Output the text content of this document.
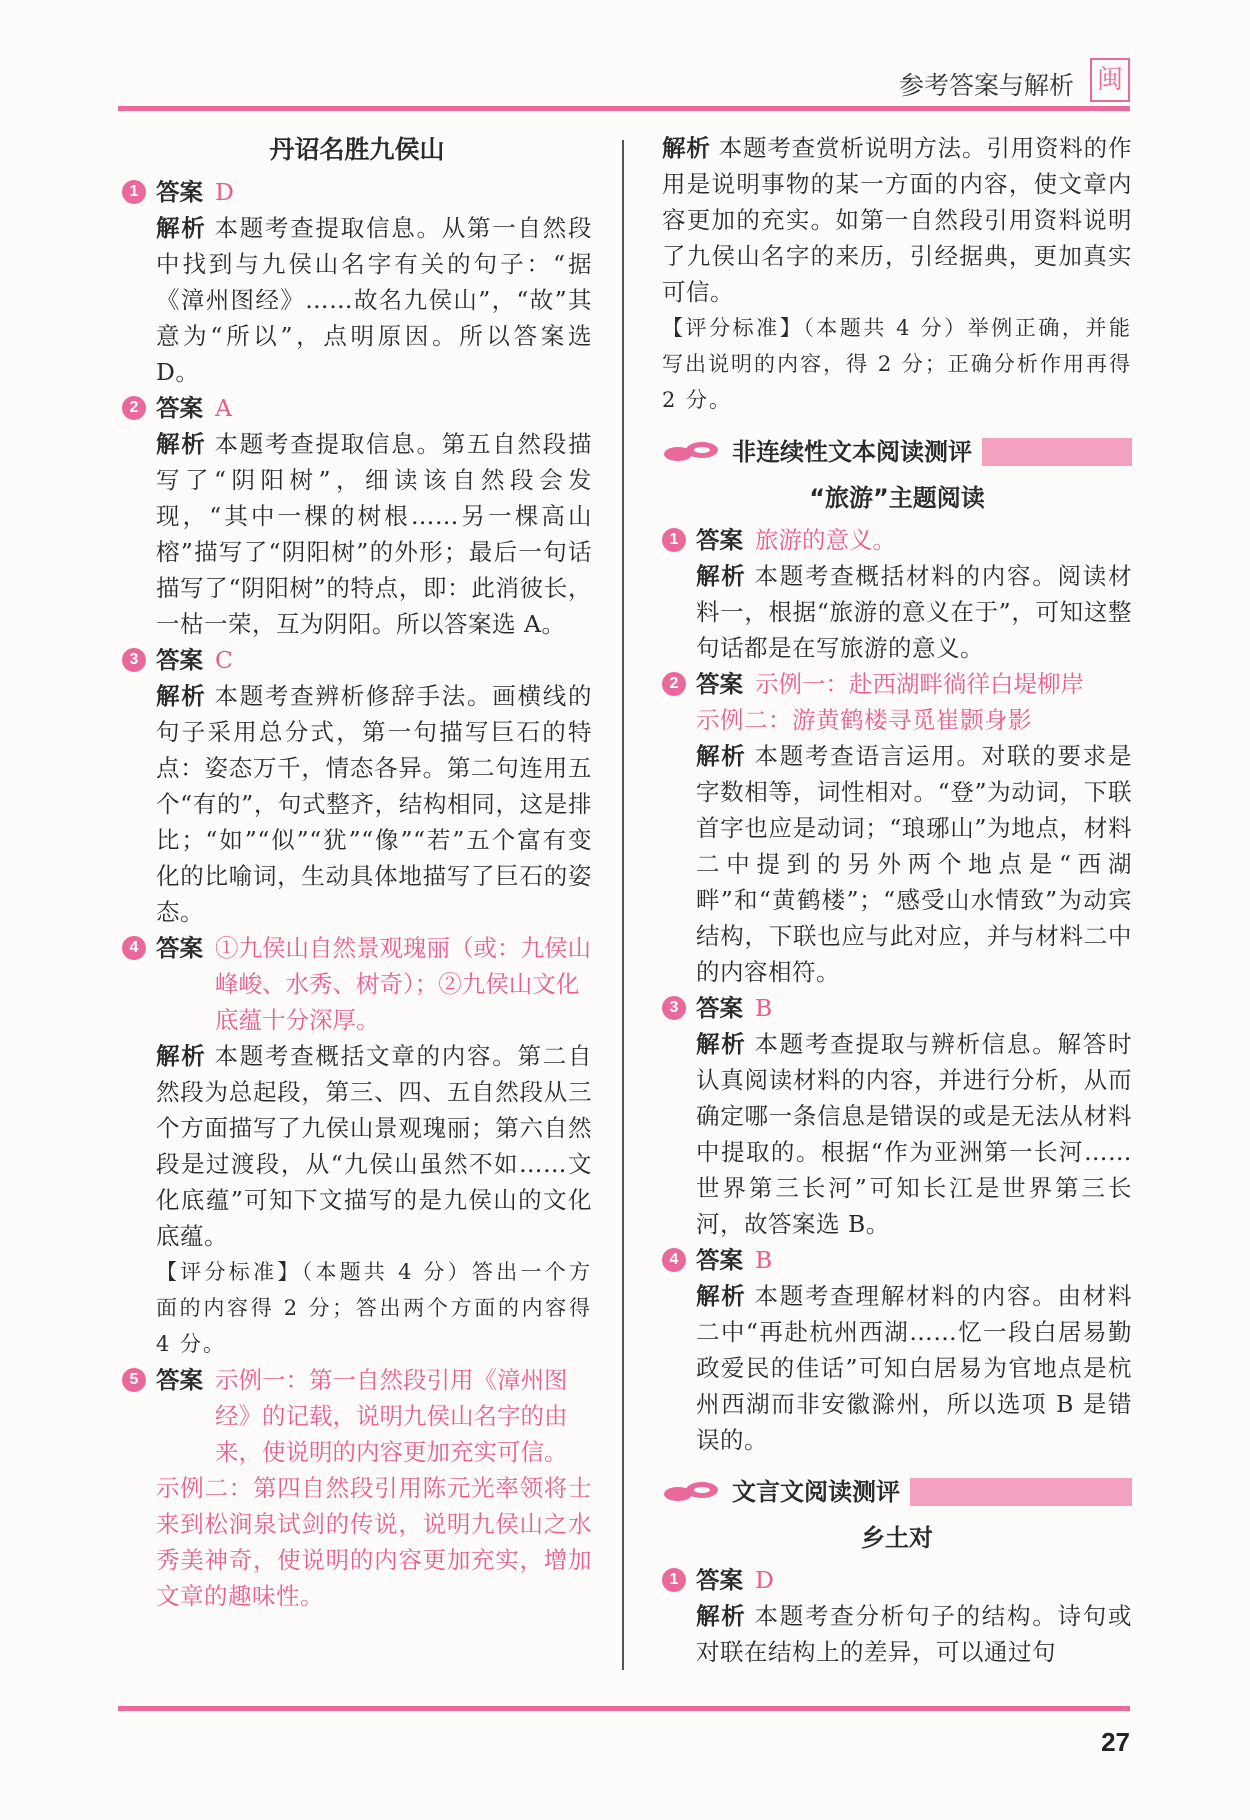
参考答案与解析 闽
丹诏名胜九侯山
1 答案 D
解析 本题考查提取信息。从第一自然段中找到与九侯山名字有关的句子：“据《漳州图经》……故名九侯山”，“故”其意为“所以”，点明原因。所以答案选 D。
2 答案 A
解析 本题考查提取信息。第五自然段描写了“阴阳树”，细读该自然段会发现，“其中一棵的树根……另一棵高山榕”描写了“阴阳树”的外形；最后一句话描写了“阴阳树”的特点，即：此消彼长，一枯一荣，互为阴阳。所以答案选 A。
3 答案 C
解析 本题考查辨析修辞手法。画横线的句子采用总分式，第一句描写巨石的特点：姿态万千，情态各异。第二句连用五个“有的”，句式整齐，结构相同，这是排比；“如”“似”“犹”“像”“若”五个富有变化的比喻词，生动具体地描写了巨石的姿态。
4 答案 ①九侯山自然景观瑰丽（或：九侯山峰峻、水秀、树奇）；②九侯山文化底蕴十分深厚。
解析 本题考查概括文章的内容。第二自然段为总起段，第三、四、五自然段从三个方面描写了九侯山景观瑰丽；第六自然段是过渡段，从“九侯山虽然不如……文化底蕴”可知下文描写的是九侯山的文化底蕴。
【评分标准】（本题共 4 分）答出一个方面的内容得 2 分；答出两个方面的内容得 4 分。
5 答案 示例一：第一自然段引用《漳州图经》的记载，说明九侯山名字的由来，使说明的内容更加充实可信。
示例二：第四自然段引用陈元光率领将士来到松涧泉试剑的传说，说明九侯山之水秀美神奇，使说明的内容更加充实，增加文章的趣味性。
解析 本题考查赏析说明方法。引用资料的作用是说明事物的某一方面的内容，使文章内容更加的充实。如第一自然段引用资料说明了九侯山名字的来历，引经据典，更加真实可信。
【评分标准】（本题共 4 分）举例正确，并能写出说明的内容，得 2 分；正确分析作用再得 2 分。
非连续性文本阅读测评
“旅游”主题阅读
1 答案 旅游的意义。
解析 本题考查概括材料的内容。阅读材料一，根据“旅游的意义在于”，可知这整句话都是在写旅游的意义。
2 答案 示例一：赴西湖畔徜徉白堤柳岸
示例二：游黄鹤楼寻觅崔颢身影
解析 本题考查语言运用。对联的要求是字数相等，词性相对。“登”为动词，下联首字也应是动词；“琅琊山”为地点，材料二中提到的另外两个地点是“西湖畔”和“黄鹤楼”；“感受山水情致”为动宾结构，下联也应与此对应，并与材料二中的内容相符。
3 答案 B
解析 本题考查提取与辨析信息。解答时认真阅读材料的内容，并进行分析，从而确定哪一条信息是错误的或是无法从材料中提取的。根据“作为亚洲第一长河……世界第三长河”可知长江是世界第三长河，故答案选 B。
4 答案 B
解析 本题考查理解材料的内容。由材料二中“再赴杭州西湖……忆一段白居易勤政爱民的佳话”可知白居易为官地点是杭州西湖而非安徽滁州，所以选项 B 是错误的。
文言文阅读测评
乡土对
1 答案 D
解析 本题考查分析句子的结构。诗句或对联在结构上的差异，可以通过句
27
